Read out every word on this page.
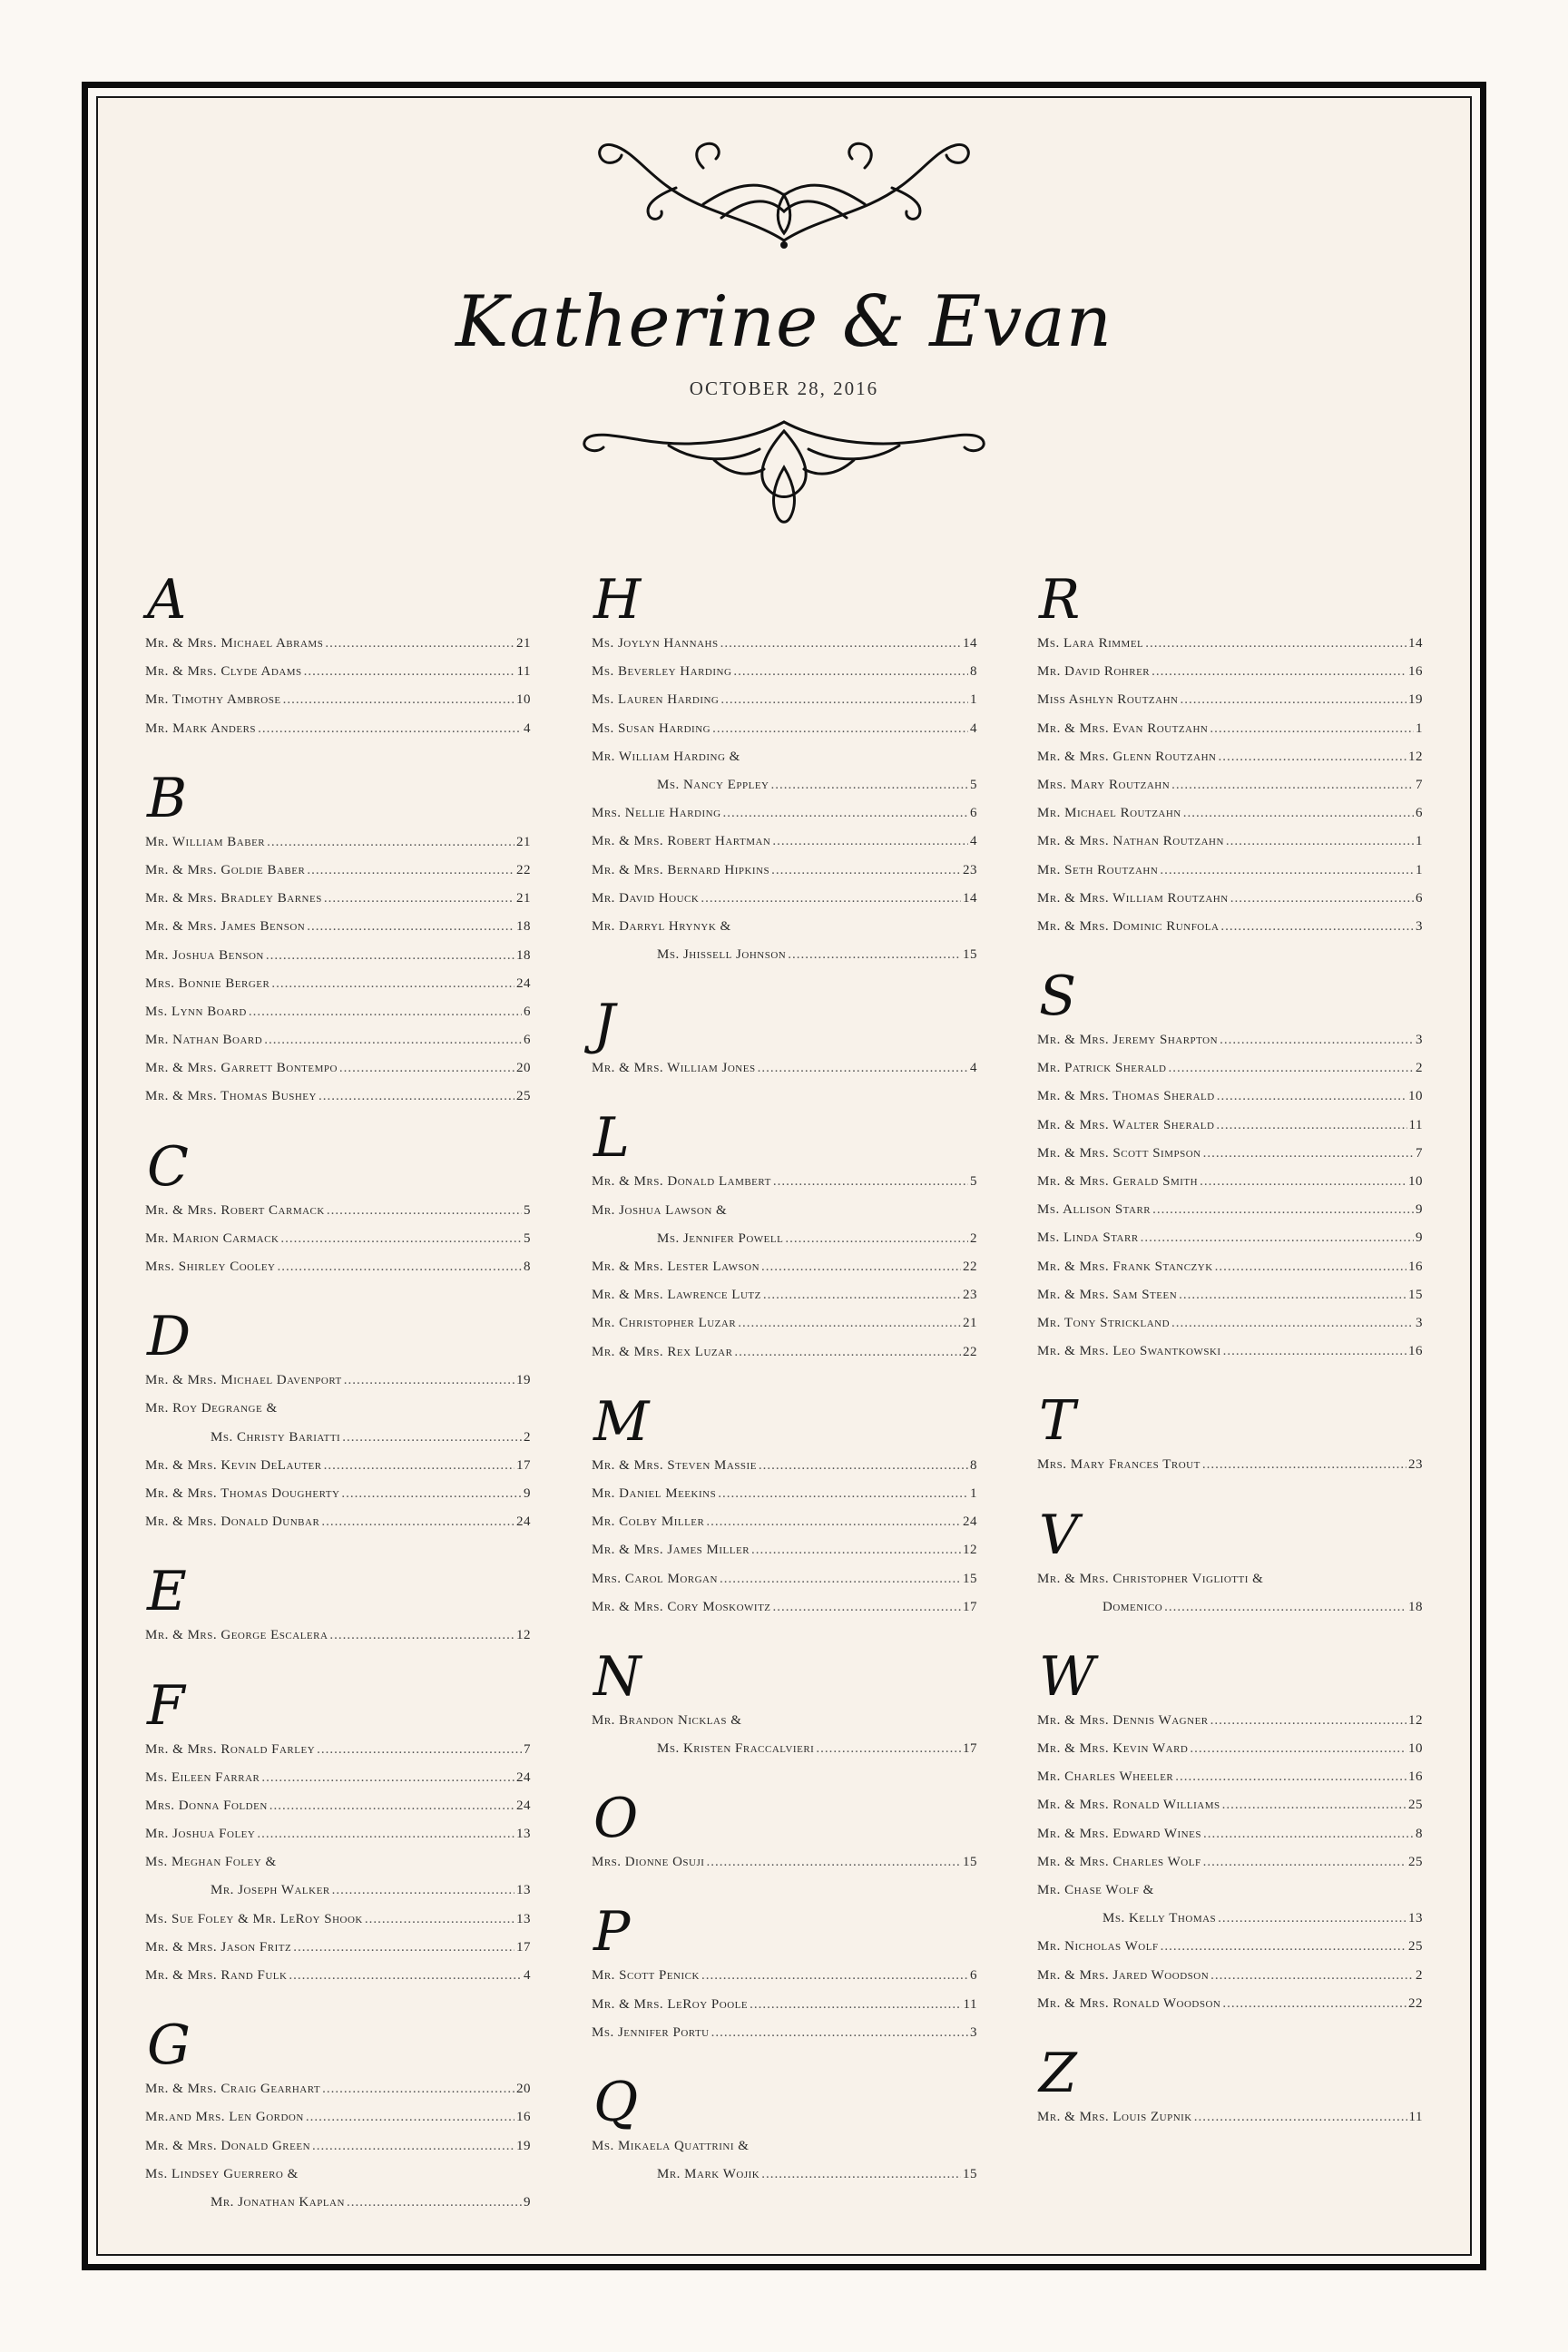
Katherine & Evan
OCTOBER 28, 2016
A
Mr. & Mrs. Michael Abrams .....	21
Mr. & Mrs. Clyde Adams .....	11
Mr. Timothy Ambrose .....	10
Mr. Mark Anders .....	4
B
Mr. William Baber .....	21
Mr. & Mrs. Goldie Baber .....	22
Mr. & Mrs. Bradley Barnes .....	21
Mr. & Mrs. James Benson .....	18
Mr. Joshua Benson .....	18
Mrs. Bonnie Berger .....	24
Ms. Lynn Board .....	6
Mr. Nathan Board .....	6
Mr. & Mrs. Garrett Bontempo .....	20
Mr. & Mrs. Thomas Bushey .....	25
C
Mr. & Mrs. Robert Carmack .....	5
Mr. Marion Carmack .....	5
Mrs. Shirley Cooley .....	8
D
Mr. & Mrs. Michael Davenport .....	19
Mr. Roy Degrange &
Ms. Christy Bariatti .....	2
Mr. & Mrs. Kevin DeLauter .....	17
Mr. & Mrs. Thomas Dougherty .....	9
Mr. & Mrs. Donald Dunbar .....	24
E
Mr. & Mrs. George Escalera .....	12
F
Mr. & Mrs. Ronald Farley .....	7
Ms. Eileen Farrar .....	24
Mrs. Donna Folden .....	24
Mr. Joshua Foley .....	13
Ms. Meghan Foley &
Mr. Joseph Walker .....	13
Ms. Sue Foley & Mr. LeRoy Shook .....	13
Mr. & Mrs. Jason Fritz .....	17
Mr. & Mrs. Rand Fulk .....	4
G
Mr. & Mrs. Craig Gearhart .....	20
Mr.and Mrs. Len Gordon .....	16
Mr. & Mrs. Donald Green .....	19
Ms. Lindsey Guerrero &
Mr. Jonathan Kaplan .....	9
H
Ms. Joylyn Hannahs .....	14
Ms. Beverley Harding .....	8
Ms. Lauren Harding .....	1
Ms. Susan Harding .....	4
Mr. William Harding &
Ms. Nancy Eppley .....	5
Mrs. Nellie Harding .....	6
Mr. & Mrs. Robert Hartman .....	4
Mr. & Mrs. Bernard Hipkins .....	23
Mr. David Houck .....	14
Mr. Darryl Hrynyk &
Ms. Jhissell Johnson .....	15
J
Mr. & Mrs. William Jones .....	4
L
Mr. & Mrs. Donald Lambert .....	5
Mr. Joshua Lawson &
Ms. Jennifer Powell .....	2
Mr. & Mrs. Lester Lawson .....	22
Mr. & Mrs. Lawrence Lutz .....	23
Mr. Christopher Luzar .....	21
Mr. & Mrs. Rex Luzar .....	22
M
Mr. & Mrs. Steven Massie .....	8
Mr. Daniel Meekins .....	1
Mr. Colby Miller .....	24
Mr. & Mrs. James Miller .....	12
Mrs. Carol Morgan .....	15
Mr. & Mrs. Cory Moskowitz .....	17
N
Mr. Brandon Nicklas &
Ms. Kristen Fraccalvieri .....	17
O
Mrs. Dionne Osuji .....	15
P
Mr. Scott Penick .....	6
Mr. & Mrs. LeRoy Poole .....	11
Ms. Jennifer Portu .....	3
Q
Ms. Mikaela Quattrini &
Mr. Mark Wojik .....	15
R
Ms. Lara Rimmel .....	14
Mr. David Rohrer .....	16
Miss Ashlyn Routzahn .....	19
Mr. & Mrs. Evan Routzahn .....	1
Mr. & Mrs. Glenn Routzahn .....	12
Mrs. Mary Routzahn .....	7
Mr. Michael Routzahn .....	6
Mr. & Mrs. Nathan Routzahn .....	1
Mr. Seth Routzahn .....	1
Mr. & Mrs. William Routzahn .....	6
Mr. & Mrs. Dominic Runfola .....	3
S
Mr. & Mrs. Jeremy Sharpton .....	3
Mr. Patrick Sherald .....	2
Mr. & Mrs. Thomas Sherald .....	10
Mr. & Mrs. Walter Sherald .....	11
Mr. & Mrs. Scott Simpson .....	7
Mr. & Mrs. Gerald Smith .....	10
Ms. Allison Starr .....	9
Ms. Linda Starr .....	9
Mr. & Mrs. Frank Stanczyk .....	16
Mr. & Mrs. Sam Steen .....	15
Mr. Tony Strickland .....	3
Mr. & Mrs. Leo Swantkowski .....	16
T
Mrs. Mary Frances Trout .....	23
V
Mr. & Mrs. Christopher Vigliotti &
Domenico .....	18
W
Mr. & Mrs. Dennis Wagner .....	12
Mr. & Mrs. Kevin Ward .....	10
Mr. Charles Wheeler .....	16
Mr. & Mrs. Ronald Williams .....	25
Mr. & Mrs. Edward Wines .....	8
Mr. & Mrs. Charles Wolf .....	25
Mr. Chase Wolf &
Ms. Kelly Thomas .....	13
Mr. Nicholas Wolf .....	25
Mr. & Mrs. Jared Woodson .....	2
Mr. & Mrs. Ronald Woodson .....	22
Z
Mr. & Mrs. Louis Zupnik .....	11
